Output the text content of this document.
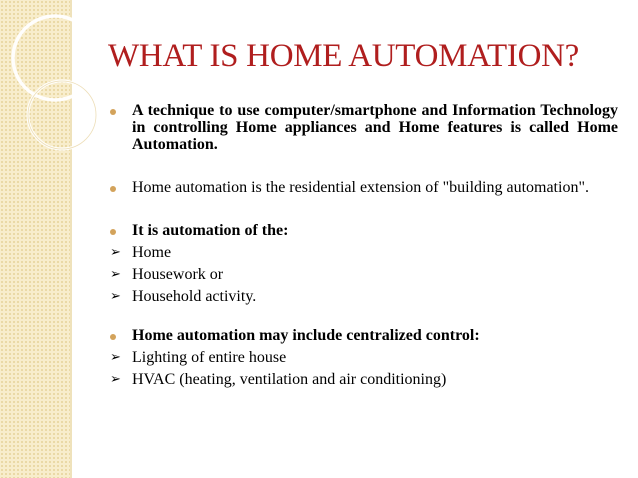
WHAT IS HOME AUTOMATION?
A technique to use computer/smartphone and Information Technology in controlling Home appliances and Home features is called Home Automation.
Home automation is the residential extension of "building automation".
It is automation of the:
➢ Home
➢ Housework or
➢ Household activity.
Home automation may include centralized control:
➢ Lighting of entire house
➢ HVAC (heating, ventilation and air conditioning)
